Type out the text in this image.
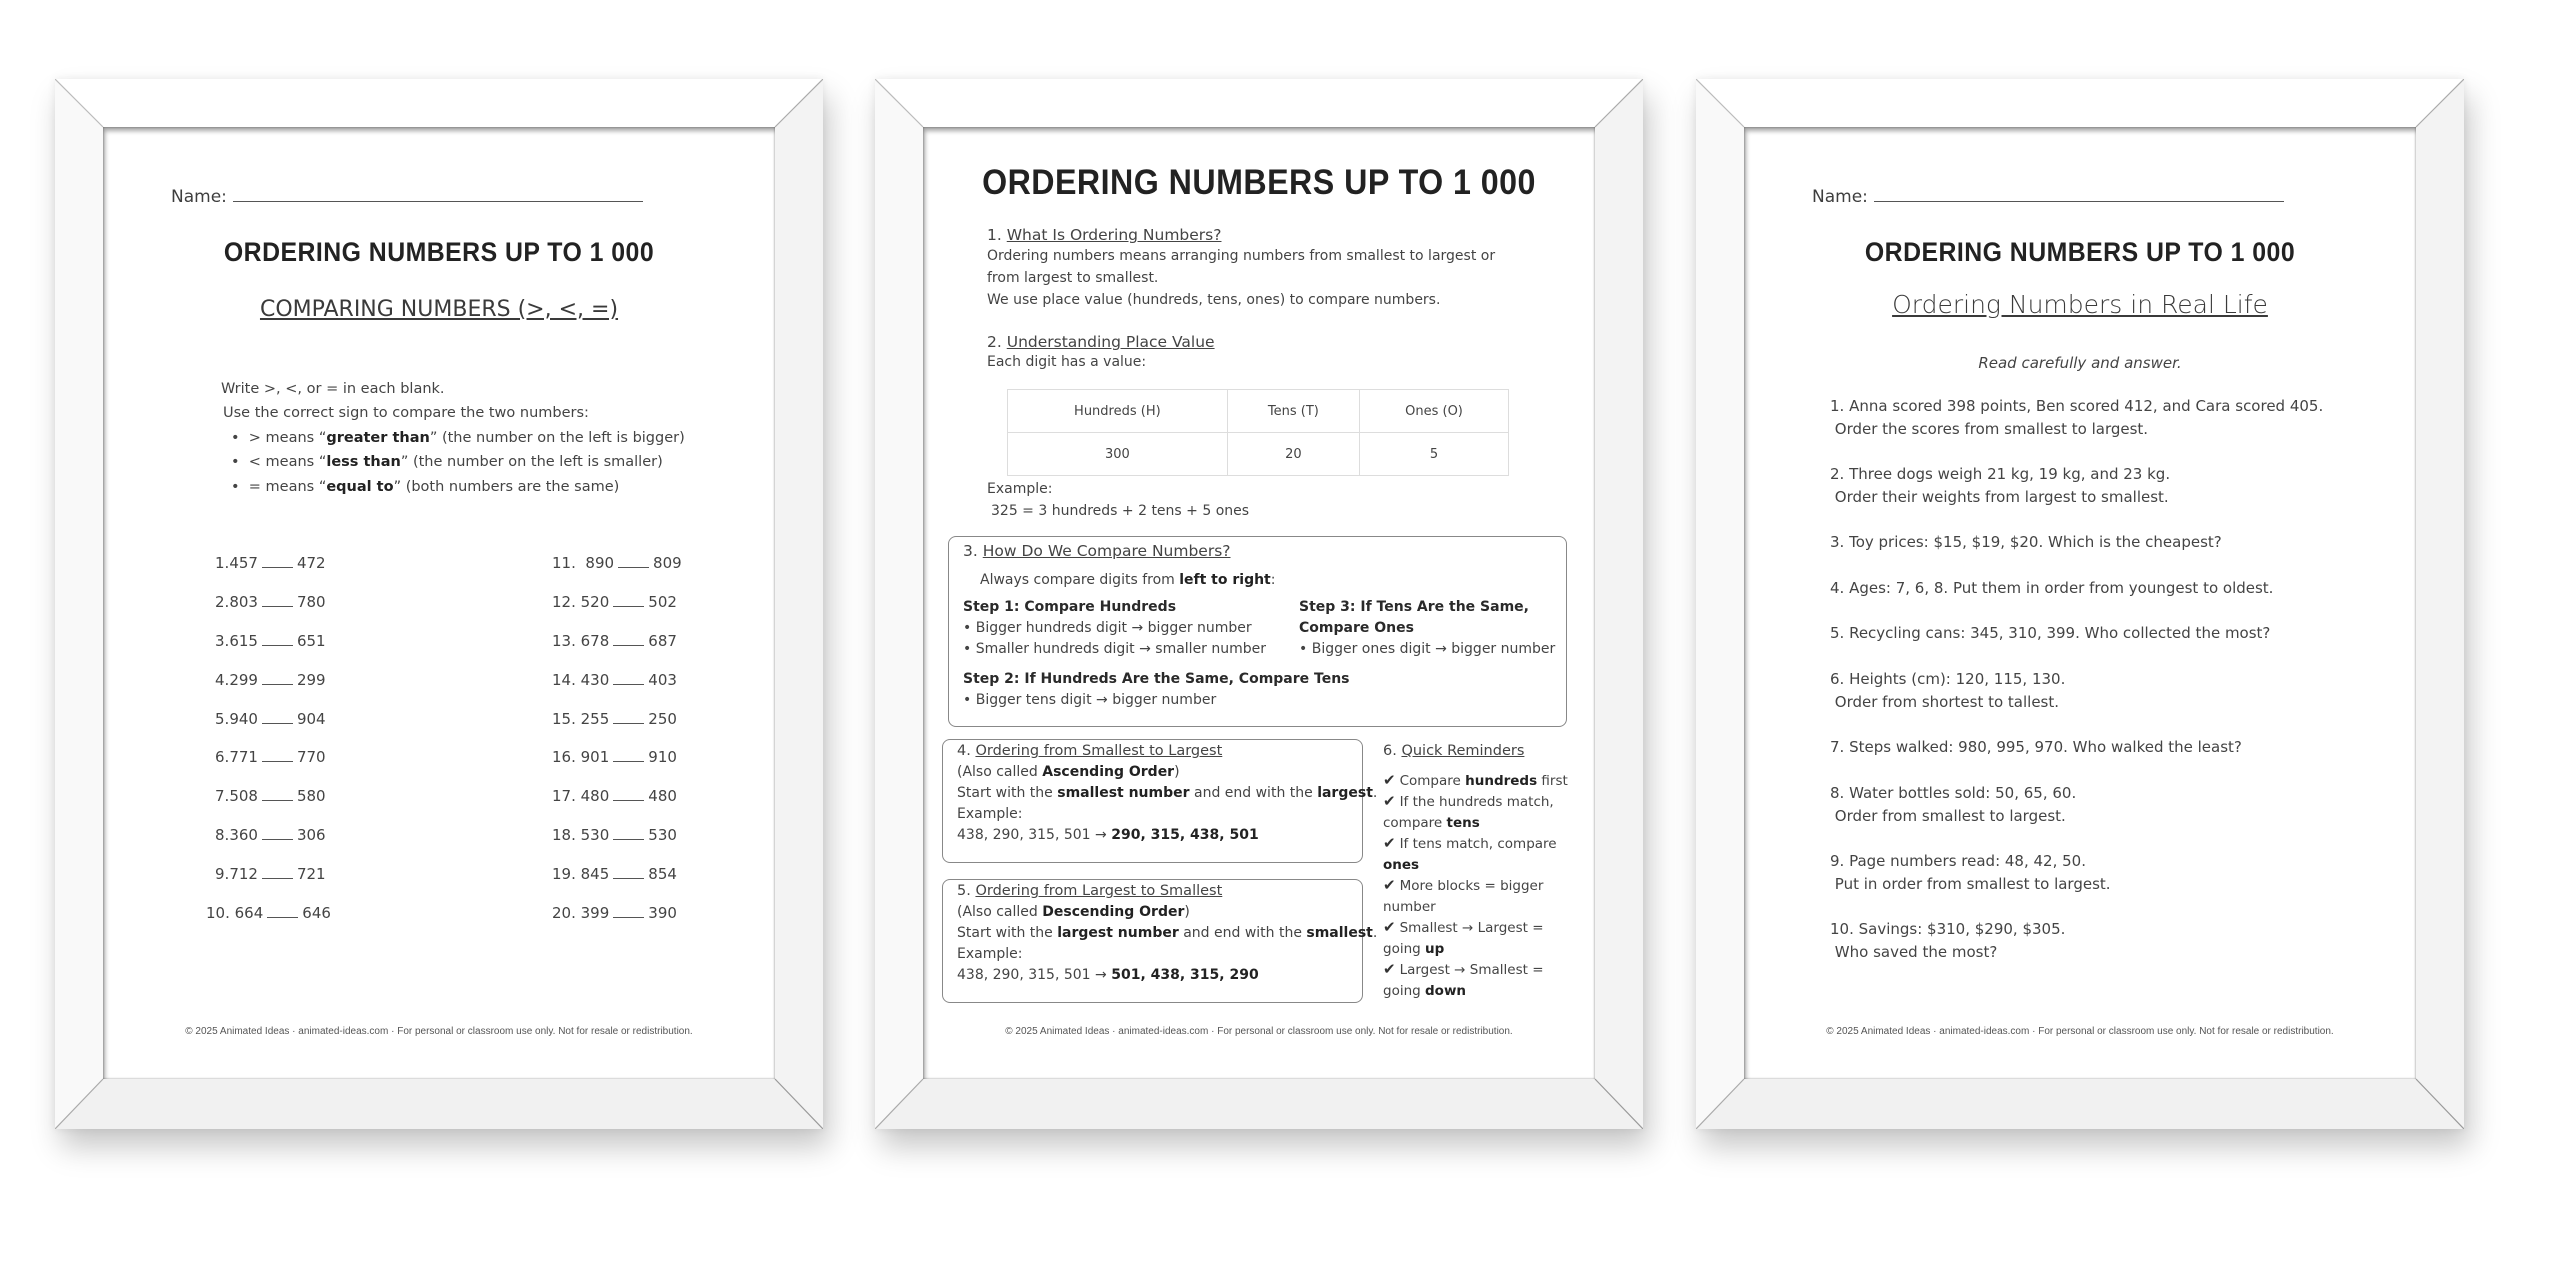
Name:
ORDERING NUMBERS UP TO 1 000
COMPARING NUMBERS (>, <, =)
Write >, <, or = in each blank.
Use the correct sign to compare the two numbers:
•  > means “greater than” (the number on the left is bigger)
•  < means “less than” (the number on the left is smaller)
•  = means “equal to” (both numbers are the same)
1.457	472
2.803	780
3.615	651
4.299	299
5.940	904
6.771	770
7.508	580
8.360	306
9.712	721
10. 664	646
11. 890	809
12. 520	502
13. 678	687
14. 430	403
15. 255	250
16. 901	910
17. 480	480
18. 530	530
19. 845	854
20. 399	390
© 2025 Animated Ideas · animated-ideas.com · For personal or classroom use only. Not for resale or redistribution.
ORDERING NUMBERS UP TO 1 000
1. What Is Ordering Numbers?
Ordering numbers means arranging numbers from smallest to largest or
from largest to smallest.
We use place value (hundreds, tens, ones) to compare numbers.
2. Understanding Place Value
Each digit has a value:
Hundreds (H)	Tens (T)	Ones (O)
300	20	5
Example:
325 = 3 hundreds + 2 tens + 5 ones
3. How Do We Compare Numbers?
Always compare digits from left to right:
Step 1: Compare Hundreds
• Bigger hundreds digit → bigger number
• Smaller hundreds digit → smaller number
Step 2: If Hundreds Are the Same, Compare Tens
• Bigger tens digit → bigger number
Step 3: If Tens Are the Same,
Compare Ones
• Bigger ones digit → bigger number
4. Ordering from Smallest to Largest
(Also called Ascending Order)
Start with the smallest number and end with the largest.
Example:
438, 290, 315, 501 → 290, 315, 438, 501
5. Ordering from Largest to Smallest
(Also called Descending Order)
Start with the largest number and end with the smallest.
Example:
438, 290, 315, 501 → 501, 438, 315, 290
6. Quick Reminders
✔ Compare hundreds first
✔ If the hundreds match,
compare tens
✔ If tens match, compare
ones
✔ More blocks = bigger
number
✔ Smallest → Largest =
going up
✔ Largest → Smallest =
going down
© 2025 Animated Ideas · animated-ideas.com · For personal or classroom use only. Not for resale or redistribution.
Name:
ORDERING NUMBERS UP TO 1 000
Ordering Numbers in Real Life
Read carefully and answer.
1. Anna scored 398 points, Ben scored 412, and Cara scored 405.
Order the scores from smallest to largest.
2. Three dogs weigh 21 kg, 19 kg, and 23 kg.
Order their weights from largest to smallest.
3. Toy prices: $15, $19, $20. Which is the cheapest?
4. Ages: 7, 6, 8. Put them in order from youngest to oldest.
5. Recycling cans: 345, 310, 399. Who collected the most?
6. Heights (cm): 120, 115, 130.
Order from shortest to tallest.
7. Steps walked: 980, 995, 970. Who walked the least?
8. Water bottles sold: 50, 65, 60.
Order from smallest to largest.
9. Page numbers read: 48, 42, 50.
Put in order from smallest to largest.
10. Savings: $310, $290, $305.
Who saved the most?
© 2025 Animated Ideas · animated-ideas.com · For personal or classroom use only. Not for resale or redistribution.
